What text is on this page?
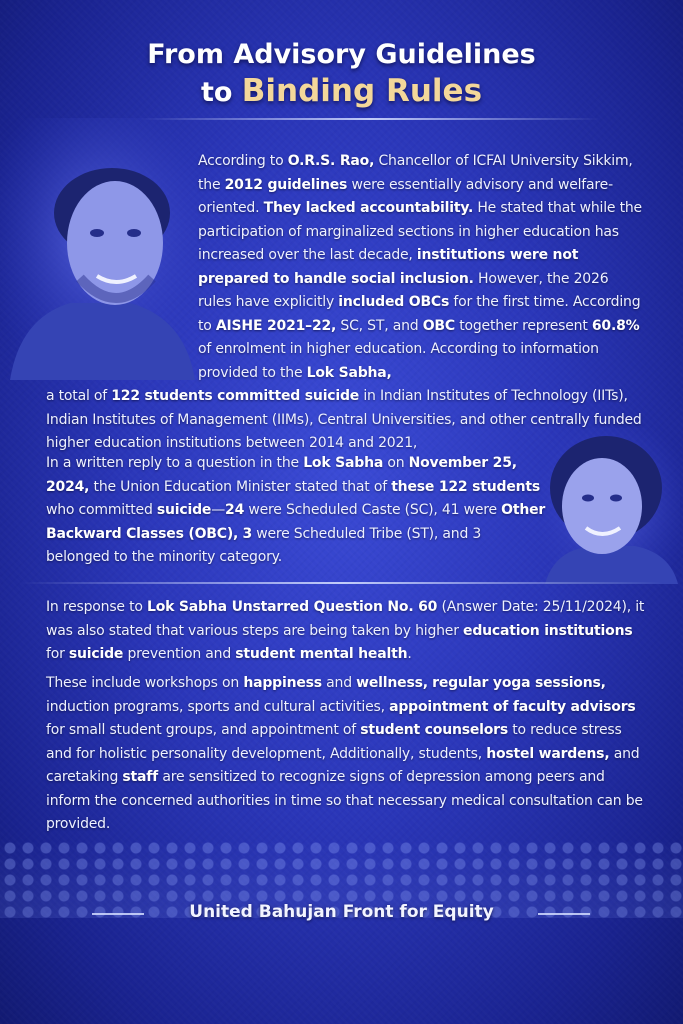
From Advisory Guidelines
to Binding Rules
According to O.R.S. Rao, Chancellor of ICFAI University Sikkim, the 2012 guidelines were essentially advisory and welfare-oriented. They lacked accountability. He stated that while the participation of marginalized sections in higher education has increased over the last decade, institutions were not prepared to handle social inclusion. However, the 2026 rules have explicitly included OBCs for the first time. According to AISHE 2021–22, SC, ST, and OBC together represent 60.8% of enrolment in higher education. According to information provided to the Lok Sabha,
a total of 122 students committed suicide in Indian Institutes of Technology (IITs), Indian Institutes of Management (IIMs), Central Universities, and other centrally funded higher education institutions between 2014 and 2021,
In a written reply to a question in the Lok Sabha on November 25, 2024, the Union Education Minister stated that of these 122 students who committed suicide—24 were Scheduled Caste (SC), 41 were Other Backward Classes (OBC), 3 were Scheduled Tribe (ST), and 3 belonged to the minority category.
In response to Lok Sabha Unstarred Question No. 60 (Answer Date: 25/11/2024), it was also stated that various steps are being taken by higher education institutions for suicide prevention and student mental health.
These include workshops on happiness and wellness, regular yoga sessions, induction programs, sports and cultural activities, appointment of faculty advisors for small student groups, and appointment of student counselors to reduce stress and for holistic personality development, Additionally, students, hostel wardens, and caretaking staff are sensitized to recognize signs of depression among peers and inform the concerned authorities in time so that necessary medical consultation can be provided.
United Bahujan Front for Equity
